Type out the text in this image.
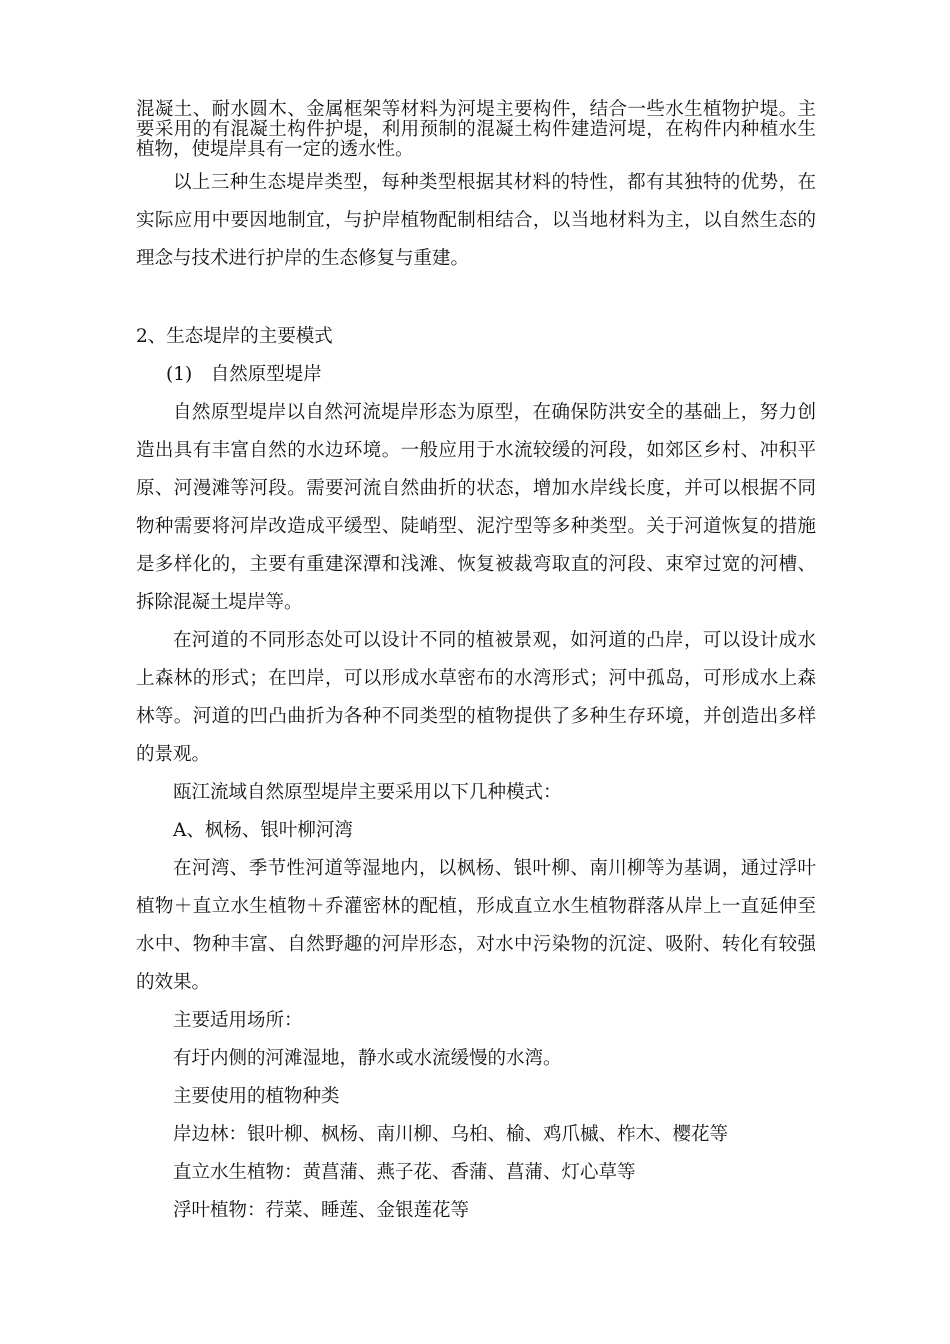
混凝土、耐水圆木、金属框架等材料为河堤主要构件，结合一些水生植物护堤。主要采用的有混凝土构件护堤，利用预制的混凝土构件建造河堤，在构件内种植水生植物，使堤岸具有一定的透水性。

以上三种生态堤岸类型，每种类型根据其材料的特性，都有其独特的优势，在实际应用中要因地制宜，与护岸植物配制相结合，以当地材料为主，以自然生态的理念与技术进行护岸的生态修复与重建。

2、生态堤岸的主要模式

(1)　自然原型堤岸

自然原型堤岸以自然河流堤岸形态为原型，在确保防洪安全的基础上，努力创造出具有丰富自然的水边环境。一般应用于水流较缓的河段，如郊区乡村、冲积平原、河漫滩等河段。需要河流自然曲折的状态，增加水岸线长度，并可以根据不同物种需要将河岸改造成平缓型、陡峭型、泥泞型等多种类型。关于河道恢复的措施是多样化的，主要有重建深潭和浅滩、恢复被裁弯取直的河段、束窄过宽的河槽、拆除混凝土堤岸等。

在河道的不同形态处可以设计不同的植被景观，如河道的凸岸，可以设计成水上森林的形式；在凹岸，可以形成水草密布的水湾形式；河中孤岛，可形成水上森林等。河道的凹凸曲折为各种不同类型的植物提供了多种生存环境，并创造出多样的景观。

瓯江流域自然原型堤岸主要采用以下几种模式：

A、枫杨、银叶柳河湾

在河湾、季节性河道等湿地内，以枫杨、银叶柳、南川柳等为基调，通过浮叶植物＋直立水生植物＋乔灌密林的配植，形成直立水生植物群落从岸上一直延伸至水中、物种丰富、自然野趣的河岸形态，对水中污染物的沉淀、吸附、转化有较强的效果。

主要适用场所：

有圩内侧的河滩湿地，静水或水流缓慢的水湾。

主要使用的植物种类

岸边林：银叶柳、枫杨、南川柳、乌桕、榆、鸡爪槭、柞木、樱花等

直立水生植物：黄菖蒲、燕子花、香蒲、菖蒲、灯心草等

浮叶植物：荇菜、睡莲、金银莲花等
